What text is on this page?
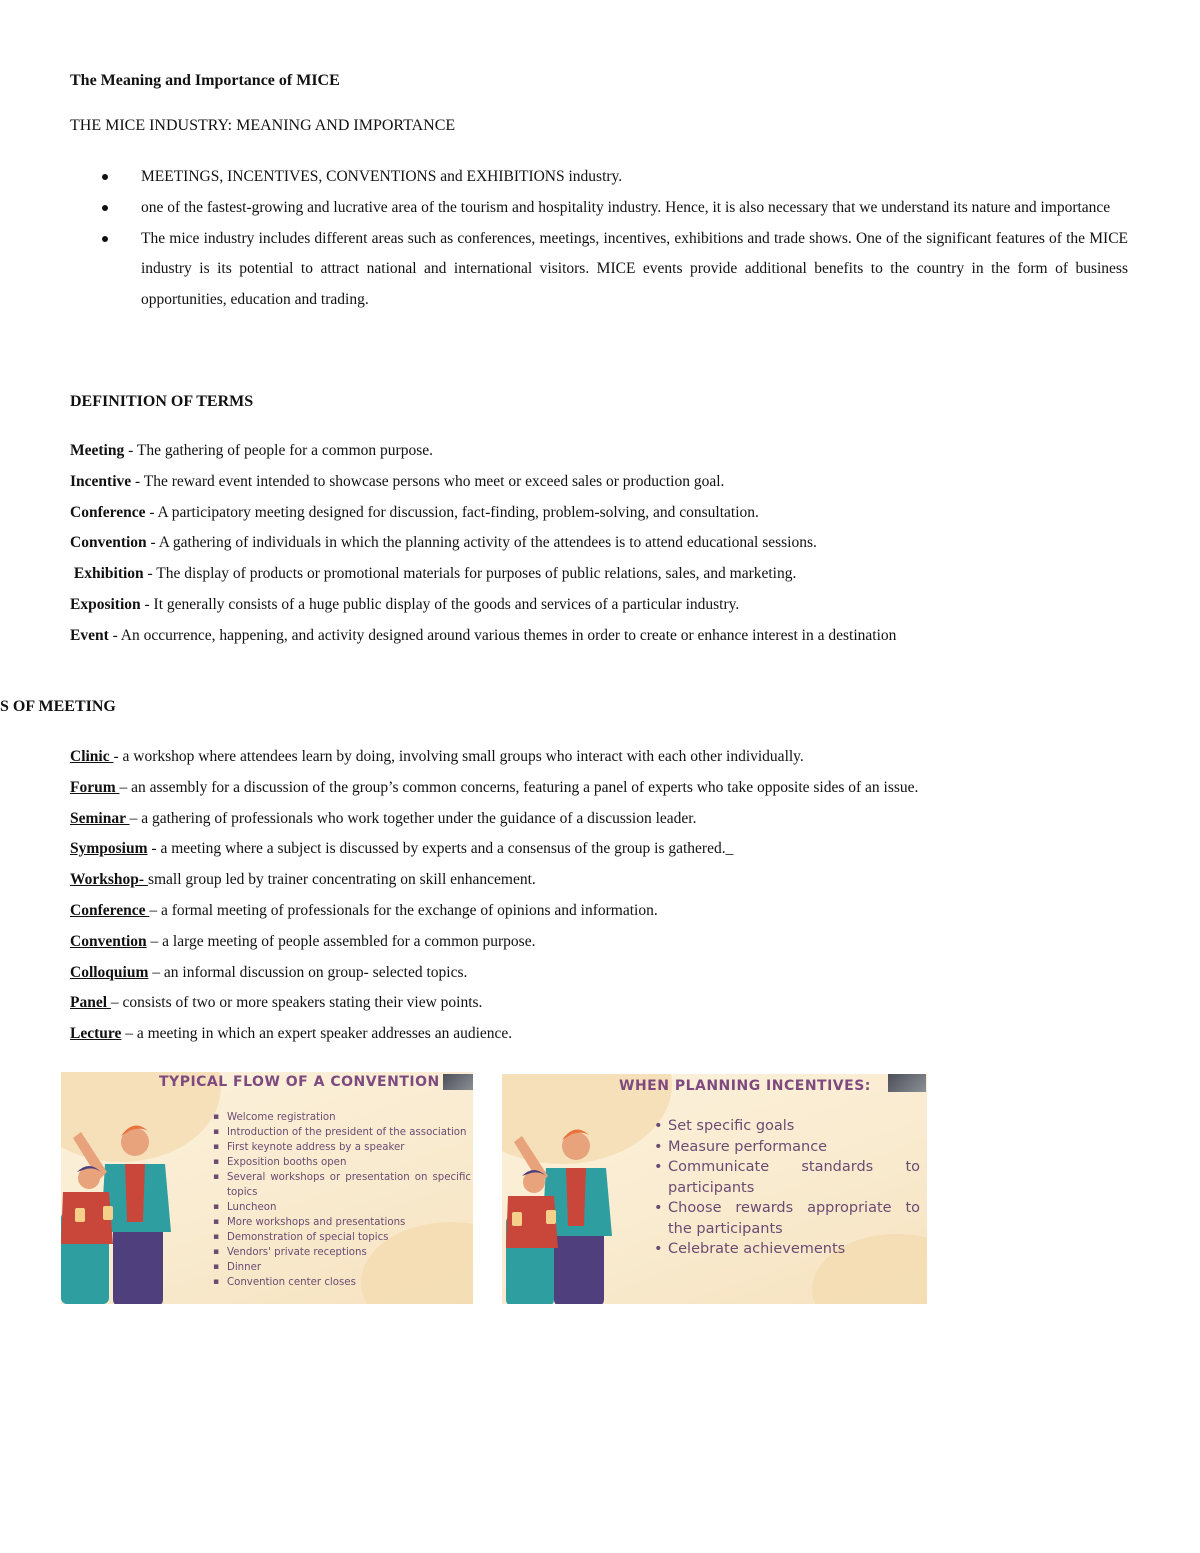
The Meaning and Importance of MICE
THE MICE INDUSTRY: MEANING AND IMPORTANCE
MEETINGS, INCENTIVES, CONVENTIONS and EXHIBITIONS industry.
one of the fastest-growing and lucrative area of the tourism and hospitality industry. Hence, it is also necessary that we understand its nature and importance
The mice industry includes different areas such as conferences, meetings, incentives, exhibitions and trade shows. One of the significant features of the MICE industry is its potential to attract national and international visitors. MICE events provide additional benefits to the country in the form of business opportunities, education and trading.
DEFINITION OF TERMS
Meeting - The gathering of people for a common purpose.
Incentive - The reward event intended to showcase persons who meet or exceed sales or production goal.
Conference - A participatory meeting designed for discussion, fact-finding, problem-solving, and consultation.
Convention - A gathering of individuals in which the planning activity of the attendees is to attend educational sessions.
Exhibition - The display of products or promotional materials for purposes of public relations, sales, and marketing.
Exposition - It generally consists of a huge public display of the goods and services of a particular industry.
Event - An occurrence, happening, and activity designed around various themes in order to create or enhance interest in a destination
S OF MEETING
Clinic - a workshop where attendees learn by doing, involving small groups who interact with each other individually.
Forum – an assembly for a discussion of the group’s common concerns, featuring a panel of experts who take opposite sides of an issue.
Seminar – a gathering of professionals who work together under the guidance of a discussion leader.
Symposium - a meeting where a subject is discussed by experts and a consensus of the group is gathered._
Workshop- small group led by trainer concentrating on skill enhancement.
Conference – a formal meeting of professionals for the exchange of opinions and information.
Convention – a large meeting of people assembled for a common purpose.
Colloquium – an informal discussion on group- selected topics.
Panel – consists of two or more speakers stating their view points.
Lecture – a meeting in which an expert speaker addresses an audience.
TYPICAL FLOW OF A CONVENTION
▪ Welcome registration
▪ Introduction of the president of the association
▪ First keynote address by a speaker
▪ Exposition booths open
▪ Several workshops or presentation on specific topics
▪ Luncheon
▪ More workshops and presentations
▪ Demonstration of special topics
▪ Vendors' private receptions
▪ Dinner
▪ Convention center closes
WHEN PLANNING INCENTIVES:
• Set specific goals
• Measure performance
• Communicate standards to participants
• Choose rewards appropriate to the participants
• Celebrate achievements
